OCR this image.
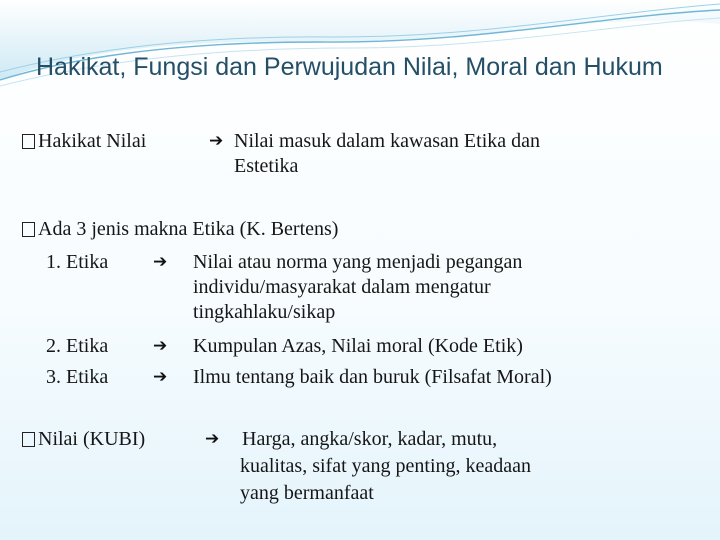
Hakikat, Fungsi dan Perwujudan Nilai, Moral dan Hukum
Hakikat Nilai	➔ Nilai masuk dalam kawasan Etika dan
Estetika
Ada 3 jenis makna Etika (K. Bertens)
1. Etika	➔ Nilai atau norma yang menjadi pegangan
individu/masyarakat dalam mengatur
tingkahlaku/sikap
2. Etika	➔ Kumpulan Azas, Nilai moral (Kode Etik)
3. Etika	➔ Ilmu tentang baik dan buruk (Filsafat Moral)
Nilai (KUBI)	➔ Harga, angka/skor, kadar, mutu,
kualitas, sifat yang penting, keadaan
yang bermanfaat
